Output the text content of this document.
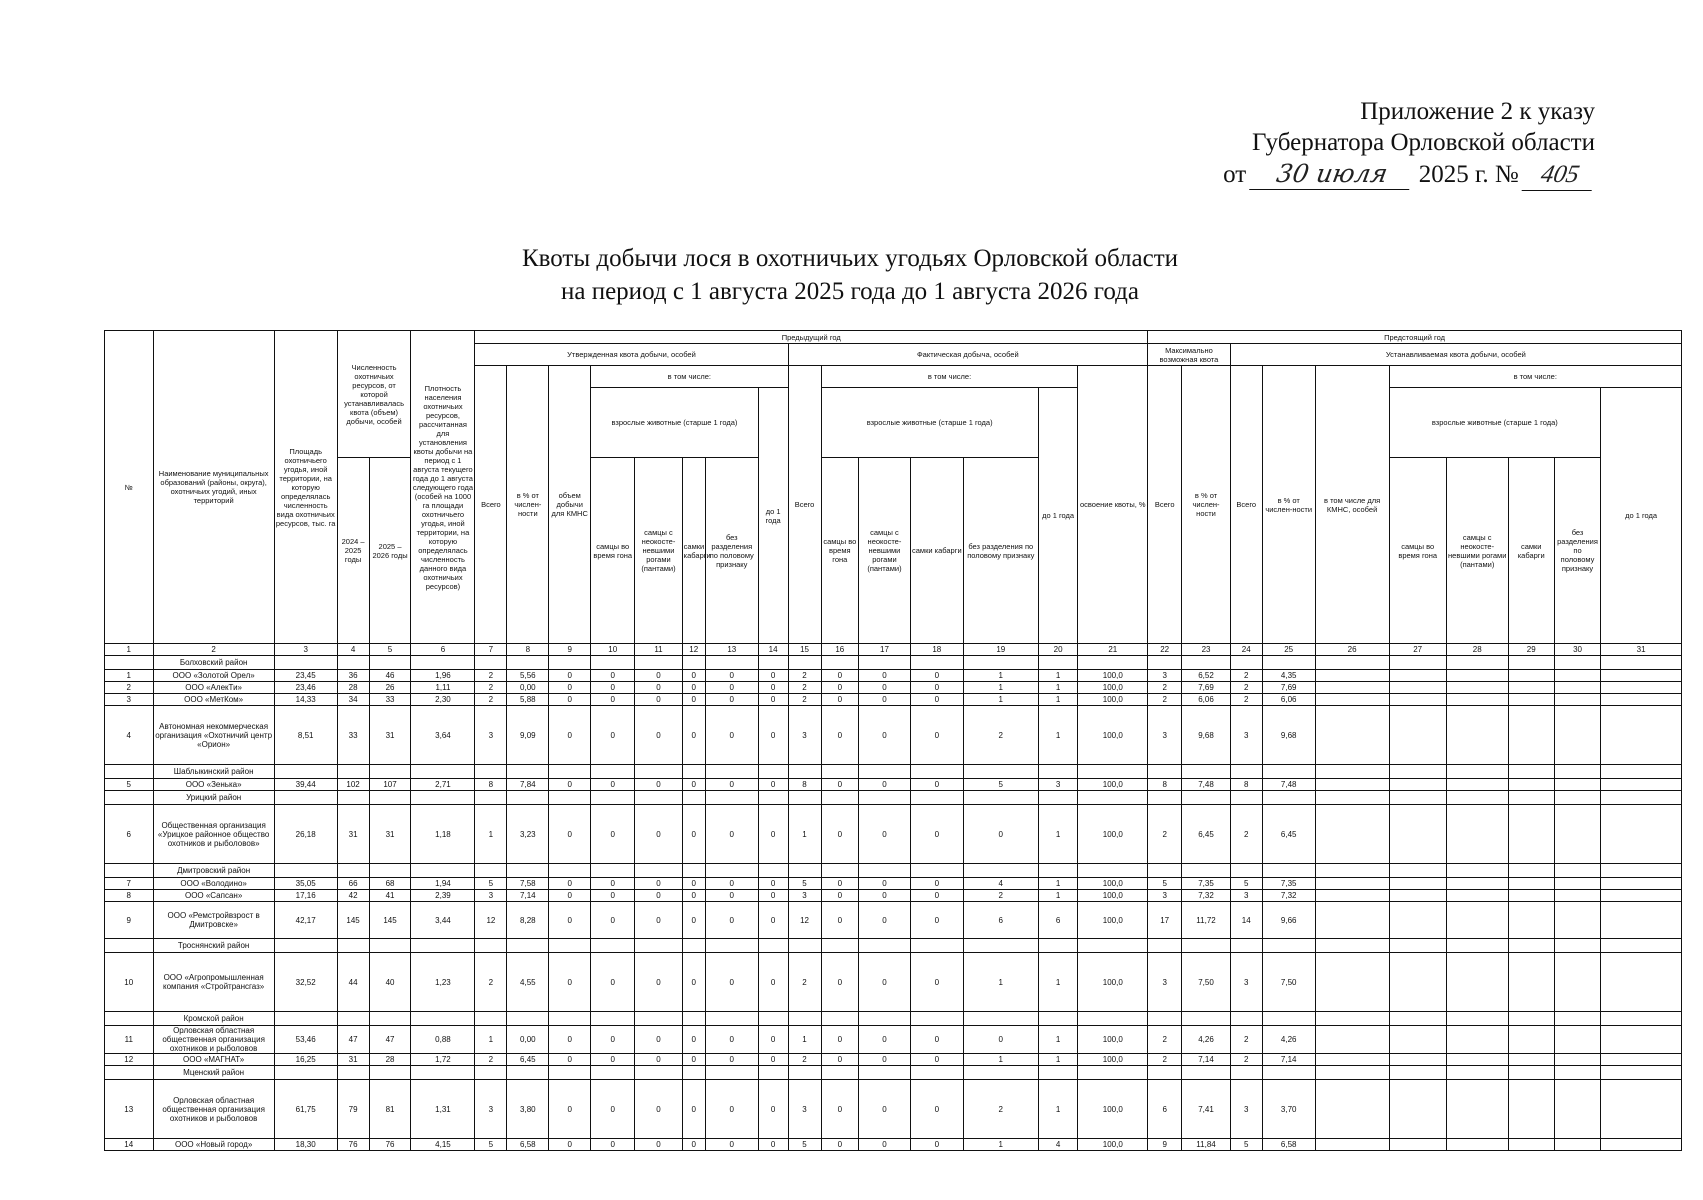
Приложение 2 к указу
Губернатора Орловской области
от 30 июля 2025 г. № 405
Квоты добычи лося в охотничьих угодьях Орловской области
на период с 1 августа 2025 года до 1 августа 2026 года
№	Наименование муниципальных образований (районы, округа), охотничьих угодий, иных территорий	Площадь охотничьего угодья, иной территории, на которую определялась численность вида охотничьих ресурсов, тыс. га	Численность охотничьих ресурсов, от которой устанавливалась квота (объем) добычи, особей		Плотность населения охотничьих ресурсов, рассчитанная для установления квоты добычи на период с 1 августа текущего года до 1 августа следующего года (особей на 1000 га площади охотничьего угодья, иной территории, на которую определялась численность данного вида охотничьих ресурсов)	Предыдущий год															Предстоящий год									
						Утвержденная квота добычи, особей								Фактическая добыча, особей							Максимально возможная квота		Устанавливаемая квота добычи, особей							
						Всего	в % от числен-ности	объем добычи для КМНС	в том числе:					Всего	в том числе:					освоение квоты, %	Всего	в % от числен-ности	Всего	в % от числен-ности	в том числе для КМНС, особей	в том числе:				
									взрослые животные (старше 1 года)				до 1 года		взрослые животные (старше 1 года)				до 1 года							взрослые животные (старше 1 года)				до 1 года
			2024 – 2025 годы	2025 – 2026 годы					самцы во время гона	самцы с неокосте-невшими рогами (пантами)	самки кабарги	без разделения по половому признаку			самцы во время гона	самцы с неокосте-невшими рогами (пантами)	самки кабарги	без разделения по половому признаку								самцы во время гона	самцы с неокосте-невшими рогами (пантами)	самки кабарги	без разделения по половому признаку	
1	2	3	4	5	6	7	8	9	10	11	12	13	14	15	16	17	18	19	20	21	22	23	24	25	26	27	28	29	30	31
	Болховский район																													
1	ООО «Золотой Орел»	23,45	36	46	1,96	2	5,56	0	0	0	0	0	0	2	0	0	0	1	1	100,0	3	6,52	2	4,35						
2	ООО «АлекТи»	23,46	28	26	1,11	2	0,00	0	0	0	0	0	0	2	0	0	0	1	1	100,0	2	7,69	2	7,69						
3	ООО «МетКом»	14,33	34	33	2,30	2	5,88	0	0	0	0	0	0	2	0	0	0	1	1	100,0	2	6,06	2	6,06						
4	Автономная некоммерческая организация «Охотничий центр «Орион»	8,51	33	31	3,64	3	9,09	0	0	0	0	0	0	3	0	0	0	2	1	100,0	3	9,68	3	9,68						
	Шаблыкинский район																													
5	ООО «Зенька»	39,44	102	107	2,71	8	7,84	0	0	0	0	0	0	8	0	0	0	5	3	100,0	8	7,48	8	7,48						
	Урицкий район																													
6	Общественная организация «Урицкое районное общество охотников и рыболовов»	26,18	31	31	1,18	1	3,23	0	0	0	0	0	0	1	0	0	0	0	1	100,0	2	6,45	2	6,45						
	Дмитровский район																													
7	ООО «Володино»	35,05	66	68	1,94	5	7,58	0	0	0	0	0	0	5	0	0	0	4	1	100,0	5	7,35	5	7,35						
8	ООО «Сапсан»	17,16	42	41	2,39	3	7,14	0	0	0	0	0	0	3	0	0	0	2	1	100,0	3	7,32	3	7,32						
9	ООО «Ремстройвзрост в Дмитровске»	42,17	145	145	3,44	12	8,28	0	0	0	0	0	0	12	0	0	0	6	6	100,0	17	11,72	14	9,66						
	Троснянский район																													
10	ООО «Агропромышленная компания «Стройтрансгаз»	32,52	44	40	1,23	2	4,55	0	0	0	0	0	0	2	0	0	0	1	1	100,0	3	7,50	3	7,50						
	Кромской район																													
11	Орловская областная общественная организация охотников и рыболовов	53,46	47	47	0,88	1	0,00	0	0	0	0	0	0	1	0	0	0	0	1	100,0	2	4,26	2	4,26						
12	ООО «МАГНАТ»	16,25	31	28	1,72	2	6,45	0	0	0	0	0	0	2	0	0	0	1	1	100,0	2	7,14	2	7,14						
	Мценский район																													
13	Орловская областная общественная организация охотников и рыболовов	61,75	79	81	1,31	3	3,80	0	0	0	0	0	0	3	0	0	0	2	1	100,0	6	7,41	3	3,70						
14	ООО «Новый город»	18,30	76	76	4,15	5	6,58	0	0	0	0	0	0	5	0	0	0	1	4	100,0	9	11,84	5	6,58						
